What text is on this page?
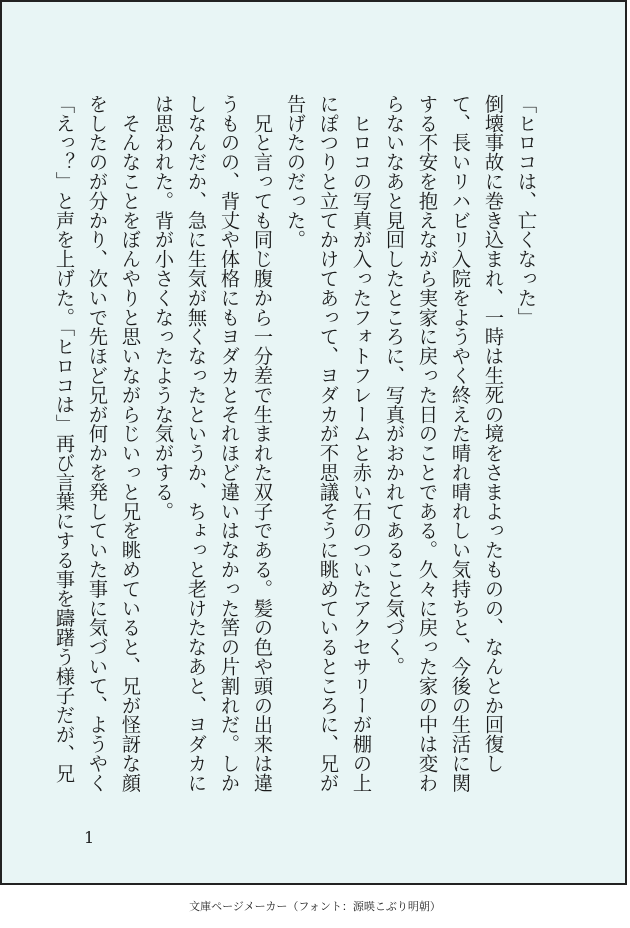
「ヒロコは、亡くなった」

倒壊事故に巻き込まれ、一時は生死の境をさまよったものの、なんとか回復して、長いリハビリ入院をようやく終えた晴れ晴れしい気持ちと、今後の生活に関する不安を抱えながら実家に戻った日のことである。久々に戻った家の中は変わらないなあと見回したところに、写真がおかれてあること気づく。

　ヒロコの写真が入ったフォトフレームと赤い石のついたアクセサリーが棚の上にぽつりと立てかけてあって、ヨダカが不思議そうに眺めているところに、兄が告げたのだった。

　兄と言っても同じ腹から一分差で生まれた双子である。髪の色や頭の出来は違うものの、背丈や体格にもヨダカとそれほど違いはなかった筈の片割れだ。しかしなんだか、急に生気が無くなったというか、ちょっと老けたなあと、ヨダカには思われた。背が小さくなったような気がする。

　そんなことをぼんやりと思いながらじいっと兄を眺めていると、兄が怪訝な顔をしたのが分かり、次いで先ほど兄が何かを発していた事に気づいて、ようやく「えっ？」と声を上げた。「ヒロコは」再び言葉にする事を躊躇う様子だが、兄

1
文庫ページメーカー（フォント：源暎こぶり明朝）
